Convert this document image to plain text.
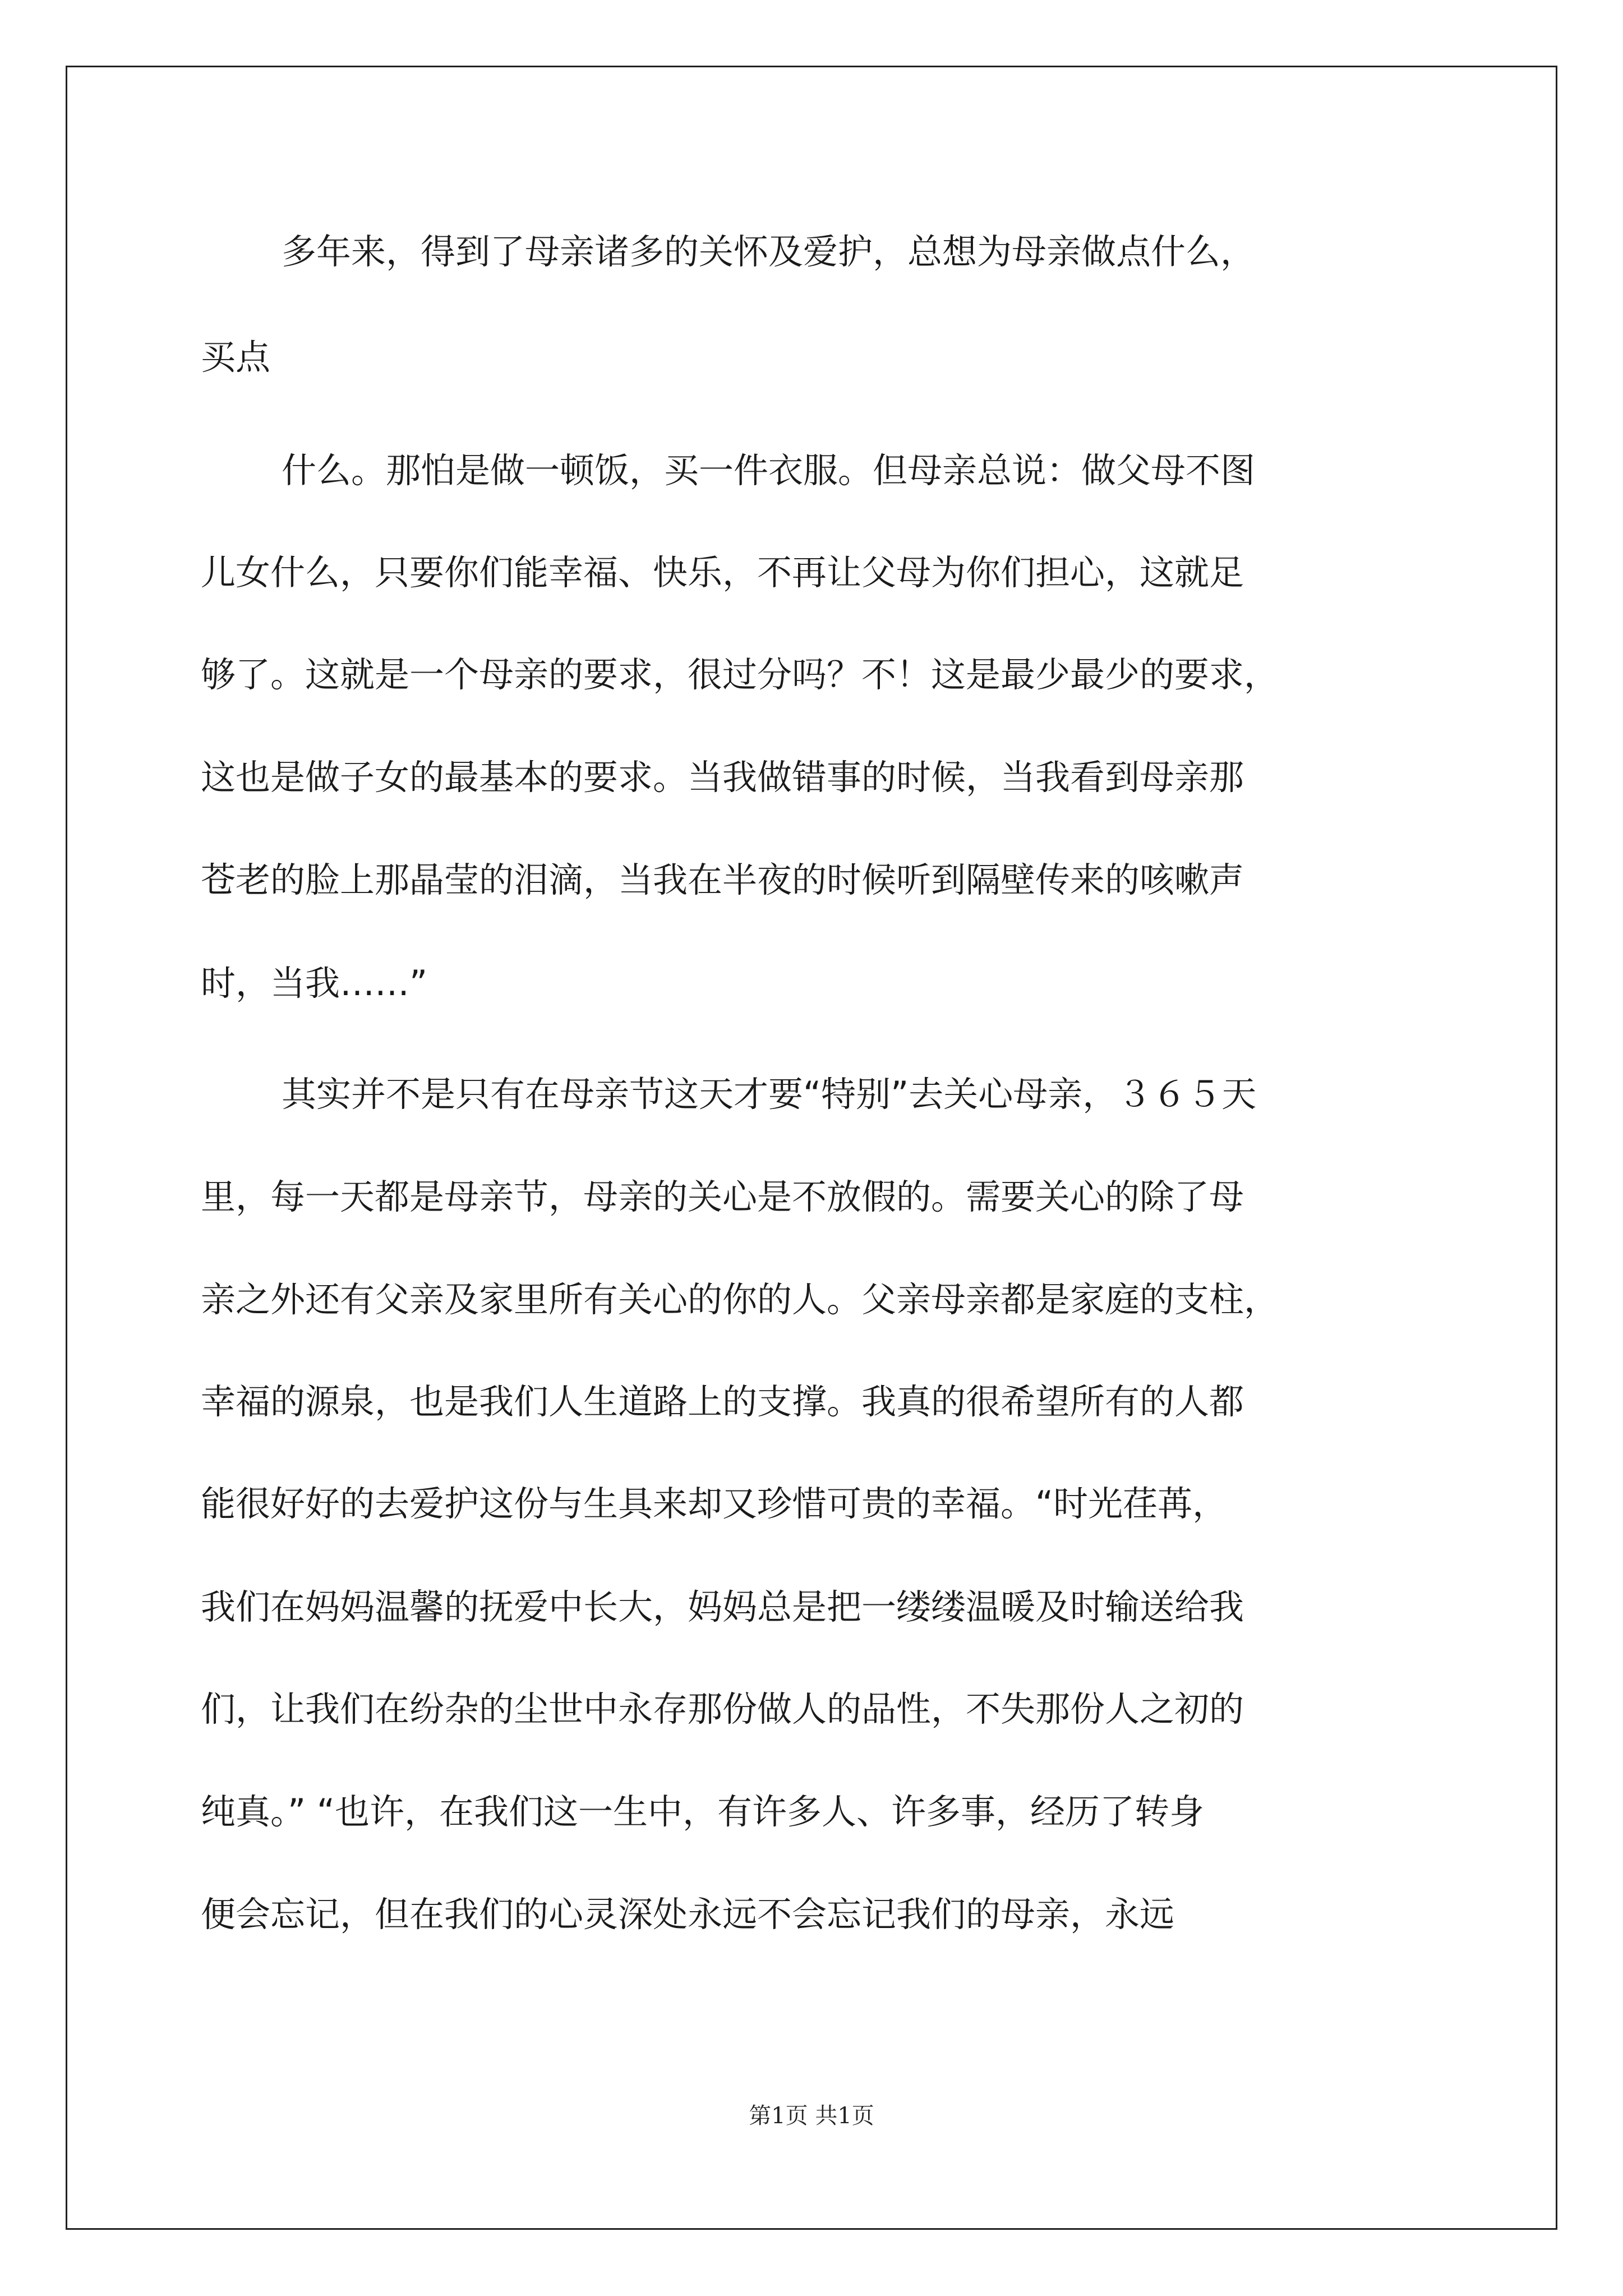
多年来，得到了母亲诸多的关怀及爱护，总想为母亲做点什么，
买点
什么。那怕是做一顿饭，买一件衣服。但母亲总说：做父母不图
儿女什么，只要你们能幸福、快乐，不再让父母为你们担心，这就足
够了。这就是一个母亲的要求，很过分吗？不！这是最少最少的要求，
这也是做子女的最基本的要求。当我做错事的时候，当我看到母亲那
苍老的脸上那晶莹的泪滴，当我在半夜的时候听到隔壁传来的咳嗽声
时，当我……”
其实并不是只有在母亲节这天才要“特别”去关心母亲，３６５天
里，每一天都是母亲节，母亲的关心是不放假的。需要关心的除了母
亲之外还有父亲及家里所有关心的你的人。父亲母亲都是家庭的支柱，
幸福的源泉，也是我们人生道路上的支撑。我真的很希望所有的人都
能很好好的去爱护这份与生具来却又珍惜可贵的幸福。“时光荏苒，
我们在妈妈温馨的抚爱中长大，妈妈总是把一缕缕温暖及时输送给我
们，让我们在纷杂的尘世中永存那份做人的品性，不失那份人之初的
纯真。” “也许，在我们这一生中，有许多人、许多事，经历了转身
便会忘记，但在我们的心灵深处永远不会忘记我们的母亲，永远
第1页 共1页
